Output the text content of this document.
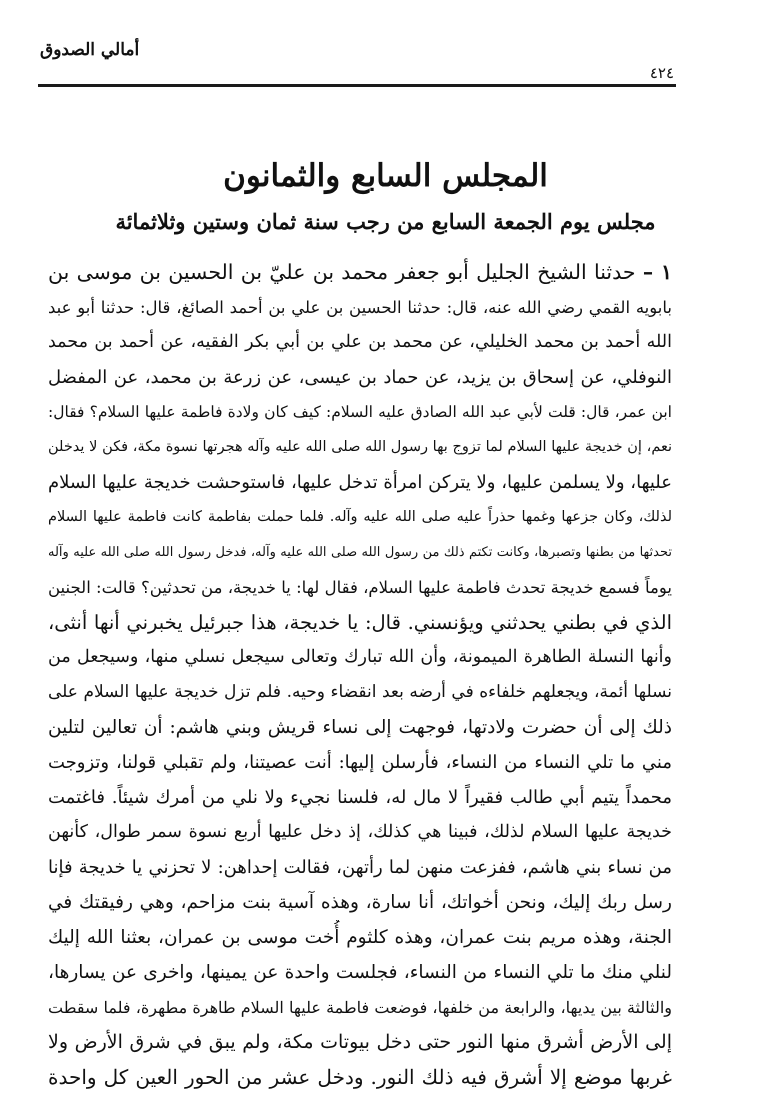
أمالي الصدوق
٤٢٤
المجلس السابع والثمانون
مجلس يوم الجمعة السابع من رجب سنة ثمان وستين وثلاثمائة
١ – حدثنا الشيخ الجليل أبو جعفر محمد بن عليّ بن الحسين بن موسى بن
بابويه القمي رضي الله عنه، قال: حدثنا الحسين بن علي بن أحمد الصائغ، قال: حدثنا أبو عبد
الله أحمد بن محمد الخليلي، عن محمد بن علي بن أبي بكر الفقيه، عن أحمد بن محمد
النوفلي، عن إسحاق بن يزيد، عن حماد بن عيسى، عن زرعة بن محمد، عن المفضل
ابن عمر، قال: قلت لأبي عبد الله الصادق عليه السلام: كيف كان ولادة فاطمة عليها السلام؟ فقال:
نعم، إن خديجة عليها السلام لما تزوج بها رسول الله صلى الله عليه وآله هجرتها نسوة مكة، فكن لا يدخلن
عليها، ولا يسلمن عليها، ولا يتركن امرأة تدخل عليها، فاستوحشت خديجة عليها السلام
لذلك، وكان جزعها وغمها حذراً عليه صلى الله عليه وآله. فلما حملت بفاطمة كانت فاطمة عليها السلام
تحدثها من بطنها وتصبرها، وكانت تكتم ذلك من رسول الله صلى الله عليه وآله، فدخل رسول الله صلى الله عليه وآله
يوماً فسمع خديجة تحدث فاطمة عليها السلام، فقال لها: يا خديجة، من تحدثين؟ قالت: الجنين
الذي في بطني يحدثني ويؤنسني. قال: يا خديجة، هذا جبرئيل يخبرني أنها أنثى،
وأنها النسلة الطاهرة الميمونة، وأن الله تبارك وتعالى سيجعل نسلي منها، وسيجعل من
نسلها أئمة، ويجعلهم خلفاءه في أرضه بعد انقضاء وحيه. فلم تزل خديجة عليها السلام على
ذلك إلى أن حضرت ولادتها، فوجهت إلى نساء قريش وبني هاشم: أن تعالين لتلين
مني ما تلي النساء من النساء، فأرسلن إليها: أنت عصيتنا، ولم تقبلي قولنا، وتزوجت
محمداً يتيم أبي طالب فقيراً لا مال له، فلسنا نجيء ولا نلي من أمرك شيئاً. فاغتمت
خديجة عليها السلام لذلك، فبينا هي كذلك، إذ دخل عليها أربع نسوة سمر طوال، كأنهن
من نساء بني هاشم، ففزعت منهن لما رأتهن، فقالت إحداهن: لا تحزني يا خديجة فإنا
رسل ربك إليك، ونحن أخواتك، أنا سارة، وهذه آسية بنت مزاحم، وهي رفيقتك في
الجنة، وهذه مريم بنت عمران، وهذه كلثوم أُخت موسى بن عمران، بعثنا الله إليك
لنلي منك ما تلي النساء من النساء، فجلست واحدة عن يمينها، واخرى عن يسارها،
والثالثة بين يديها، والرابعة من خلفها، فوضعت فاطمة عليها السلام طاهرة مطهرة، فلما سقطت
إلى الأرض أشرق منها النور حتى دخل بيوتات مكة، ولم يبق في شرق الأرض ولا
غربها موضع إلا أشرق فيه ذلك النور. ودخل عشر من الحور العين كل واحدة
